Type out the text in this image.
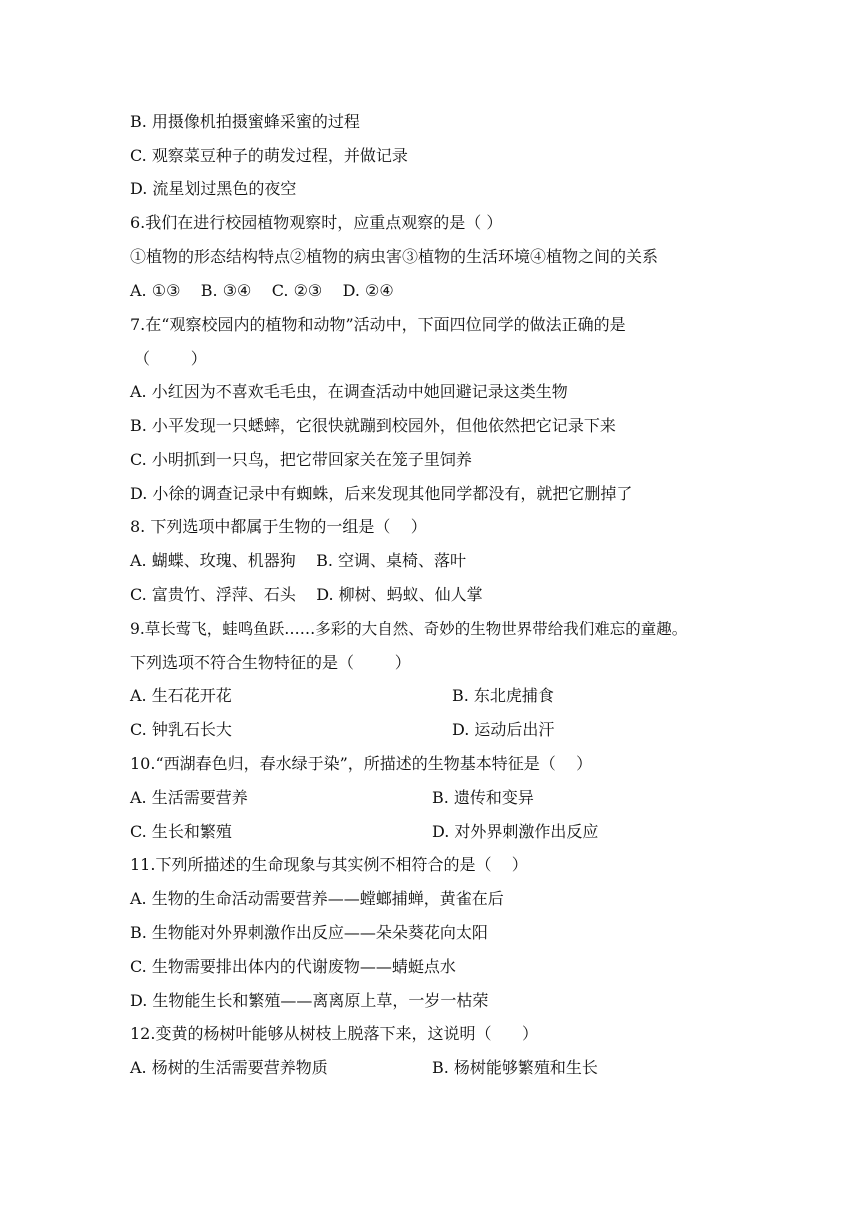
B. 用摄像机拍摄蜜蜂采蜜的过程
C. 观察菜豆种子的萌发过程，并做记录
D. 流星划过黑色的夜空
6.我们在进行校园植物观察时，应重点观察的是（ ）
①植物的形态结构特点②植物的病虫害③植物的生活环境④植物之间的关系
A. ①③    B. ③④    C. ②③    D. ②④
7.在“观察校园内的植物和动物”活动中，下面四位同学的做法正确的是
（        ）
A. 小红因为不喜欢毛毛虫，在调查活动中她回避记录这类生物
B. 小平发现一只蟋蟀，它很快就蹦到校园外，但他依然把它记录下来
C. 小明抓到一只鸟，把它带回家关在笼子里饲养
D. 小徐的调查记录中有蜘蛛，后来发现其他同学都没有，就把它删掉了
8. 下列选项中都属于生物的一组是（    ）
A. 蝴蝶、玫瑰、机器狗    B. 空调、桌椅、落叶
C. 富贵竹、浮萍、石头    D. 柳树、蚂蚁、仙人掌
9.草长莺飞，蛙鸣鱼跃……多彩的大自然、奇妙的生物世界带给我们难忘的童趣。
下列选项不符合生物特征的是（        ）
A. 生石花开花	B. 东北虎捕食
C. 钟乳石长大	D. 运动后出汗
10.“西湖春色归，春水绿于染”，所描述的生物基本特征是（    ）
A. 生活需要营养	B. 遗传和变异
C. 生长和繁殖	D. 对外界刺激作出反应
11.下列所描述的生命现象与其实例不相符合的是（    ）
A. 生物的生命活动需要营养——螳螂捕蝉，黄雀在后
B. 生物能对外界刺激作出反应——朵朵葵花向太阳
C. 生物需要排出体内的代谢废物——蜻蜓点水
D. 生物能生长和繁殖——离离原上草，一岁一枯荣
12.变黄的杨树叶能够从树枝上脱落下来，这说明（      ）
A. 杨树的生活需要营养物质	B. 杨树能够繁殖和生长
